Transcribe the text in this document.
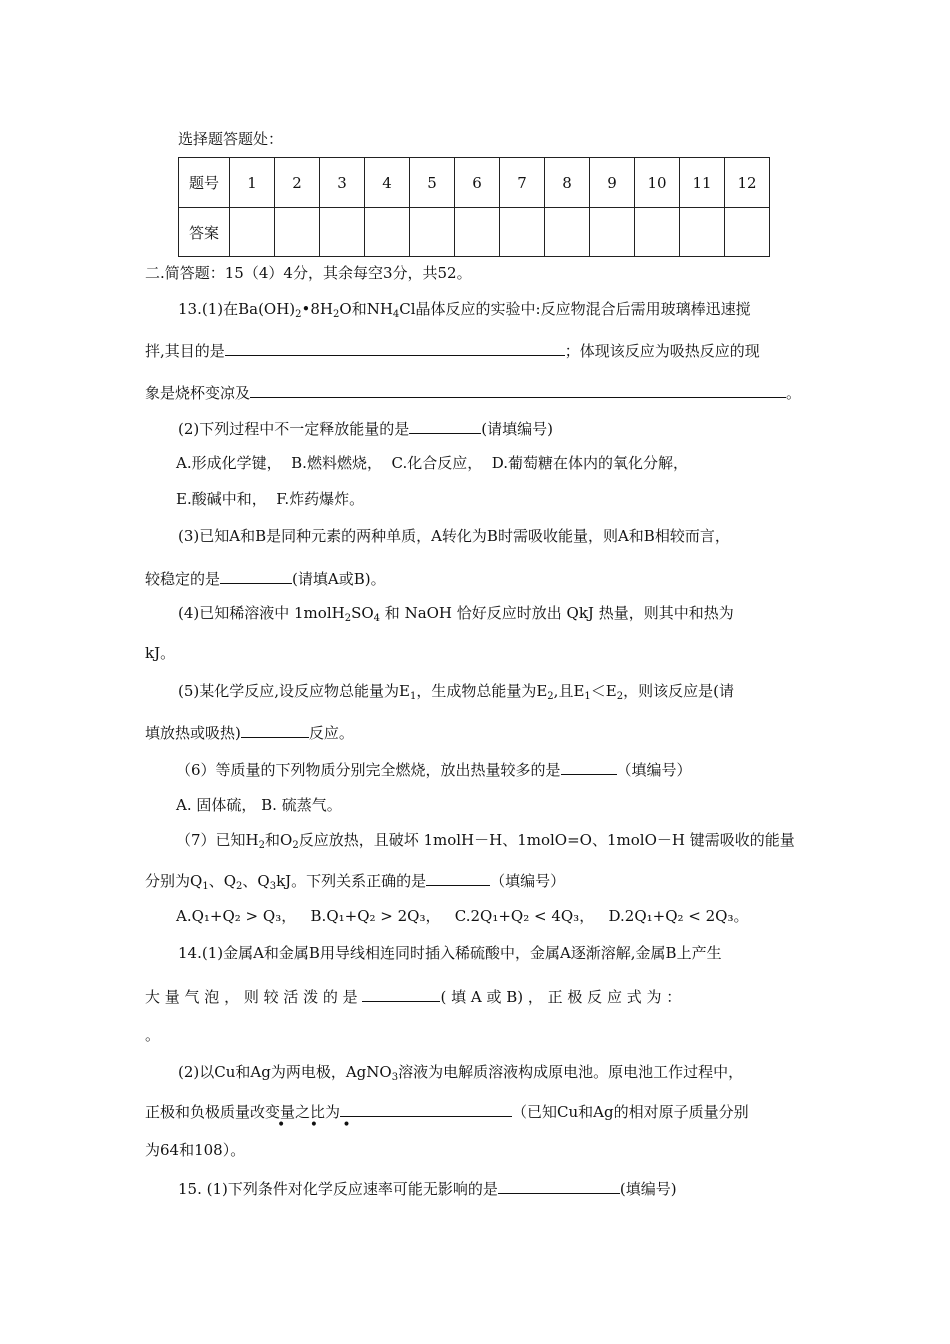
选择题答题处：
题号	1	2	3	4	5	6	7	8	9	10	11	12
答案												
二.简答题：15（4）4分，其余每空3分，共52。
13.(1)在$Ba(OH)_2•8H_2O$和$NH_4Cl$晶体反应的实验中:反应物混合后需用玻璃棒迅速搅
拌,其目的是	；体现该反应为吸热反应的现
象是烧杯变凉及	。
(2)下列过程中不一定释放能量的是	(请填编号)
A.形成化学键， B.燃料燃烧， C.化合反应， D.葡萄糖在体内的氧化分解，
E.酸碱中和， F.炸药爆炸。
(3)已知A和B是同种元素的两种单质，A转化为B时需吸收能量，则A和B相较而言，
较稳定的是	(请填A或B)。
(4)已知稀溶液中 $1molH_2SO_4$ 和 NaOH 恰好反应时放出 QkJ 热量，则其中和热为
kJ。
(5)某化学反应,设反应物总能量为$E_1$，生成物总能量为$E_2$,且$E_1<E_2$，则该反应是(请
填放热或吸热)	反应。
（6）等质量的下列物质分别完全燃烧，放出热量较多的是	（填编号）
A. 固体硫， B. 硫蒸气。
（7）已知$H_2$和$O_2$反应放热，且破坏 1molH－H、1molO=O、1molO－H 键需吸收的能量
分别为$Q_1$、$Q_2$、$Q_3kJ$。下列关系正确的是	（填编号）
A.Q₁+Q₂ > Q₃， B.Q₁+Q₂ > 2Q₃， C.2Q₁+Q₂ < 4Q₃， D.2Q₁+Q₂ < 2Q₃。
14.(1)金属A和金属B用导线相连同时插入稀硫酸中，金属A逐渐溶解,金属B上产生
大 量 气 泡 ， 则 较 活 泼 的 是	( 填 A 或 B) ， 正 极 反 应 式 为 ：
。
(2)以Cu和Ag为两电极，AgNO$_3$溶液为电解质溶液构成原电池。原电池工作过程中，
正极和负极质量改变量之比为	（已知Cu和Ag的相对原子质量分别
• • •
为64和108）。
15. (1)下列条件对化学反应速率可能无影响的是	(填编号)
